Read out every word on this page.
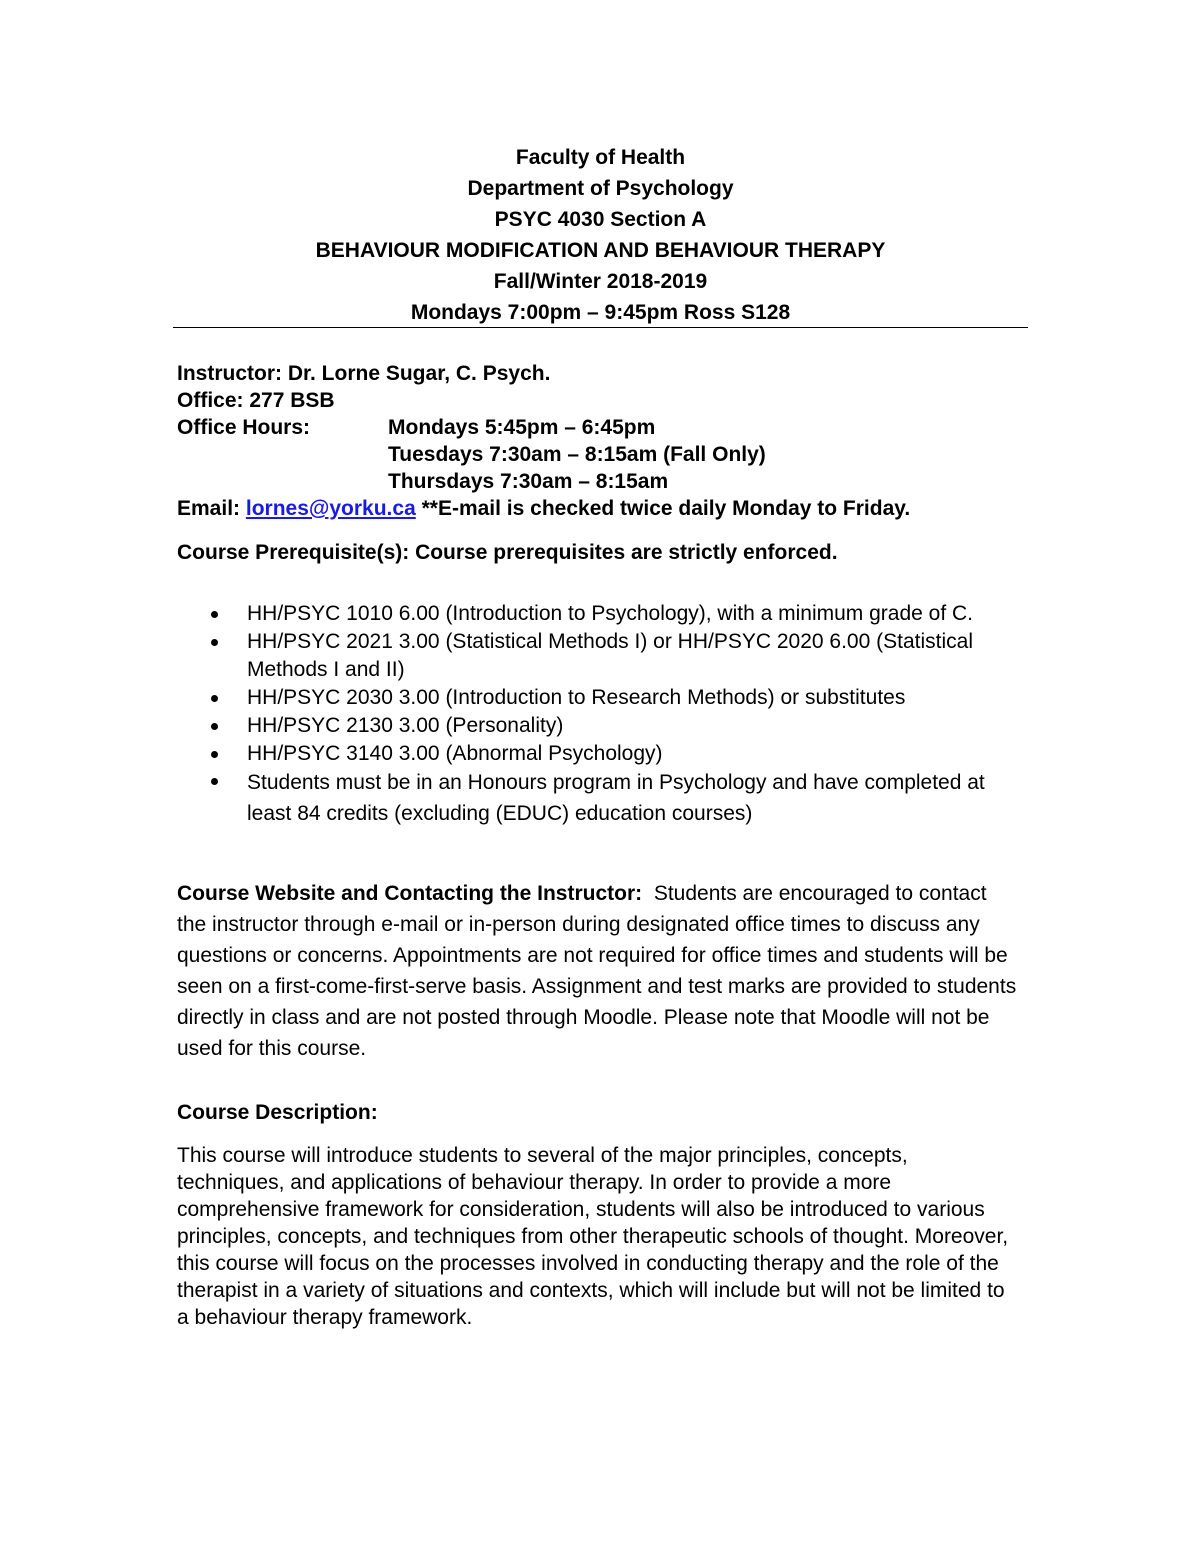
Faculty of Health
Department of Psychology
PSYC 4030 Section A
BEHAVIOUR MODIFICATION AND BEHAVIOUR THERAPY
Fall/Winter 2018-2019
Mondays 7:00pm – 9:45pm Ross S128
Instructor: Dr. Lorne Sugar, C. Psych.
Office: 277 BSB
Office Hours:	Mondays 5:45pm – 6:45pm
Tuesdays 7:30am – 8:15am (Fall Only)
Thursdays 7:30am – 8:15am
Email: lornes@yorku.ca **E-mail is checked twice daily Monday to Friday.
Course Prerequisite(s): Course prerequisites are strictly enforced.
HH/PSYC 1010 6.00 (Introduction to Psychology), with a minimum grade of C.
HH/PSYC 2021 3.00 (Statistical Methods I) or HH/PSYC 2020 6.00 (Statistical Methods I and II)
HH/PSYC 2030 3.00 (Introduction to Research Methods) or substitutes
HH/PSYC 2130 3.00 (Personality)
HH/PSYC 3140 3.00 (Abnormal Psychology)
Students must be in an Honours program in Psychology and have completed at least 84 credits (excluding (EDUC) education courses)

Course Website and Contacting the Instructor: Students are encouraged to contact the instructor through e-mail or in-person during designated office times to discuss any questions or concerns. Appointments are not required for office times and students will be seen on a first-come-first-serve basis. Assignment and test marks are provided to students directly in class and are not posted through Moodle. Please note that Moodle will not be used for this course.

Course Description:

This course will introduce students to several of the major principles, concepts, techniques, and applications of behaviour therapy. In order to provide a more comprehensive framework for consideration, students will also be introduced to various principles, concepts, and techniques from other therapeutic schools of thought. Moreover, this course will focus on the processes involved in conducting therapy and the role of the therapist in a variety of situations and contexts, which will include but will not be limited to a behaviour therapy framework.
